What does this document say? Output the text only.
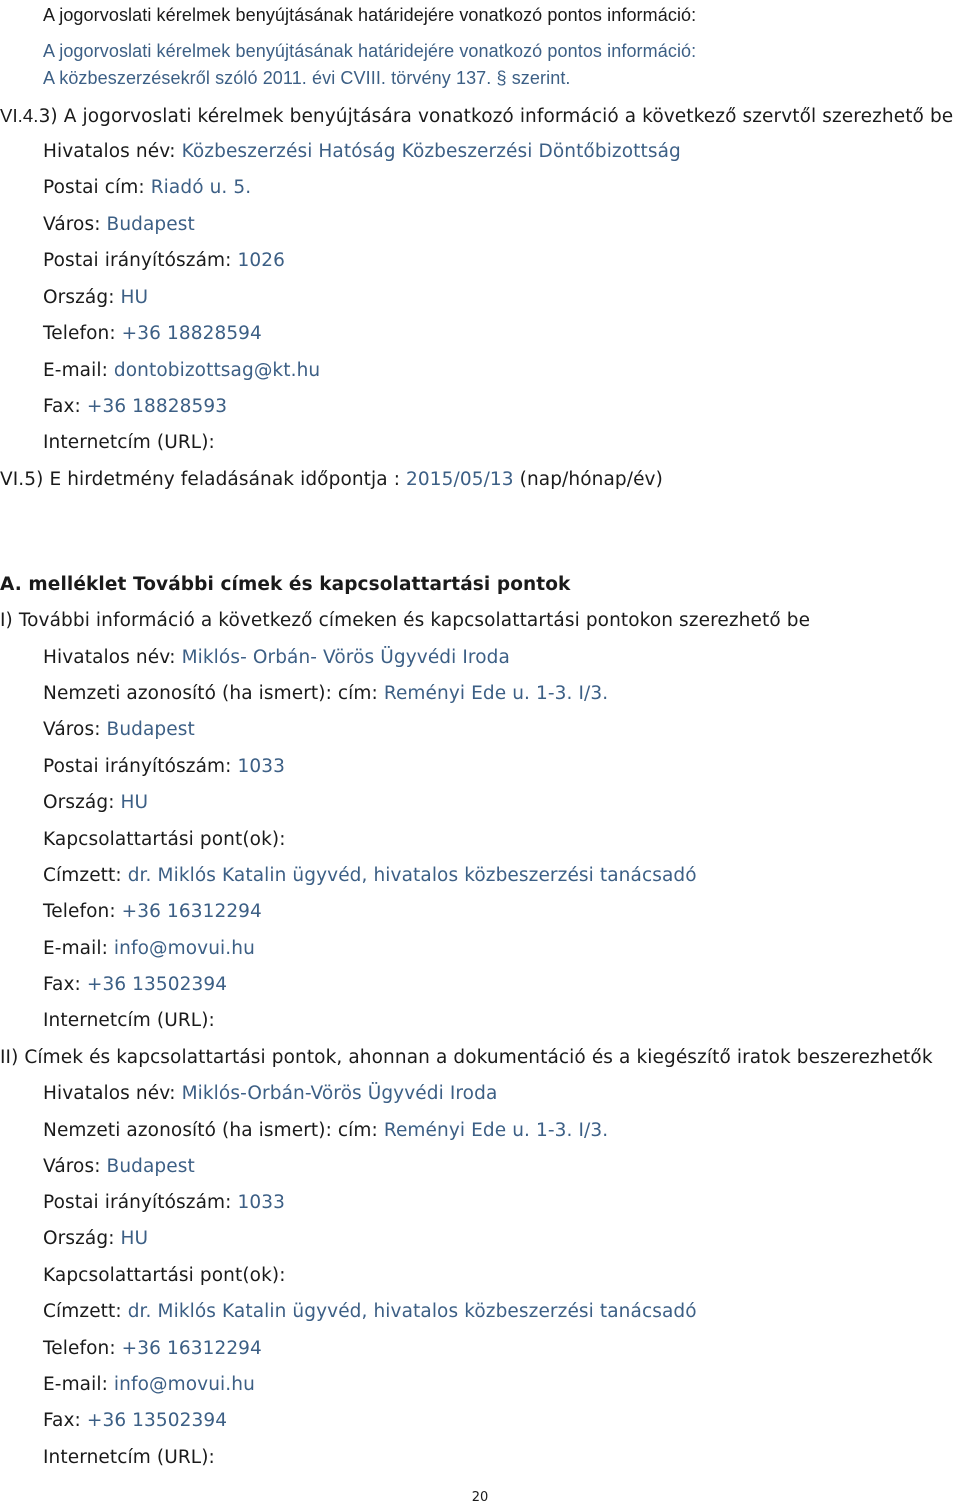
A jogorvoslati kérelmek benyújtásának határidejére vonatkozó pontos információ:
A jogorvoslati kérelmek benyújtásának határidejére vonatkozó pontos információ:
A közbeszerzésekről szóló 2011. évi CVIII. törvény 137. § szerint.
VI.4.3) A jogorvoslati kérelmek benyújtására vonatkozó információ a következő szervtől szerezhető be
Hivatalos név: Közbeszerzési Hatóság Közbeszerzési Döntőbizottság
Postai cím: Riadó u. 5.
Város: Budapest
Postai irányítószám: 1026
Ország: HU
Telefon: +36 18828594
E-mail: dontobizottsag@kt.hu
Fax: +36 18828593
Internetcím (URL):
VI.5) E hirdetmény feladásának időpontja : 2015/05/13 (nap/hónap/év)
A. melléklet További címek és kapcsolattartási pontok
I) További információ a következő címeken és kapcsolattartási pontokon szerezhető be
Hivatalos név: Miklós- Orbán- Vörös Ügyvédi Iroda
Nemzeti azonosító (ha ismert): cím: Reményi Ede u. 1-3. I/3.
Város: Budapest
Postai irányítószám: 1033
Ország: HU
Kapcsolattartási pont(ok):
Címzett: dr. Miklós Katalin ügyvéd, hivatalos közbeszerzési tanácsadó
Telefon: +36 16312294
E-mail: info@movui.hu
Fax: +36 13502394
Internetcím (URL):
II) Címek és kapcsolattartási pontok, ahonnan a dokumentáció és a kiegészítő iratok beszerezhetők
Hivatalos név: Miklós-Orbán-Vörös Ügyvédi Iroda
Nemzeti azonosító (ha ismert): cím: Reményi Ede u. 1-3. I/3.
Város: Budapest
Postai irányítószám: 1033
Ország: HU
Kapcsolattartási pont(ok):
Címzett: dr. Miklós Katalin ügyvéd, hivatalos közbeszerzési tanácsadó
Telefon: +36 16312294
E-mail: info@movui.hu
Fax: +36 13502394
Internetcím (URL):
20
